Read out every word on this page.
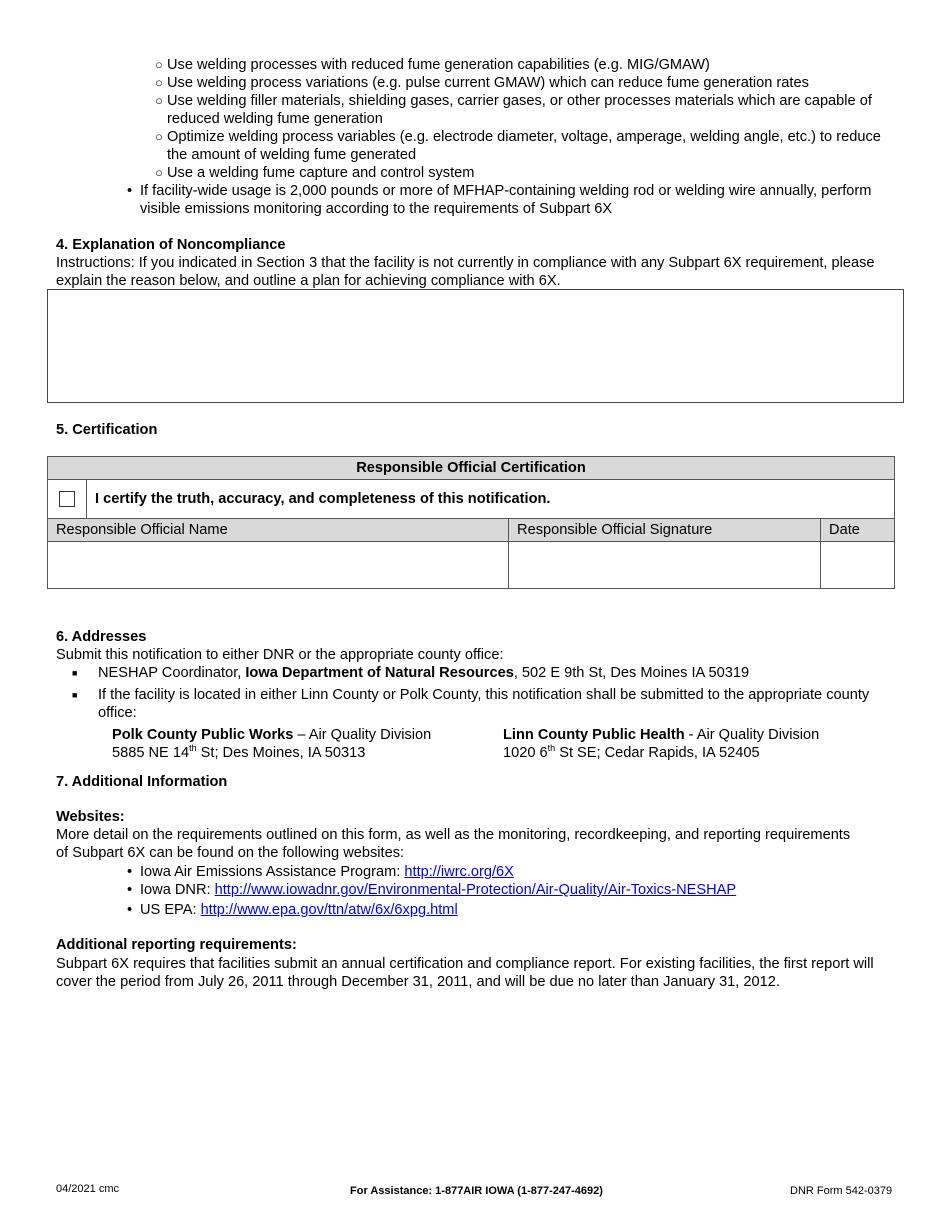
○ Use welding processes with reduced fume generation capabilities (e.g. MIG/GMAW)
○ Use welding process variations (e.g. pulse current GMAW) which can reduce fume generation rates
○ Use welding filler materials, shielding gases, carrier gases, or other processes materials which are capable of reduced welding fume generation
○ Optimize welding process variables (e.g. electrode diameter, voltage, amperage, welding angle, etc.) to reduce the amount of welding fume generated
○ Use a welding fume capture and control system
• If facility-wide usage is 2,000 pounds or more of MFHAP-containing welding rod or welding wire annually, perform visible emissions monitoring according to the requirements of Subpart 6X
4. Explanation of Noncompliance
Instructions: If you indicated in Section 3 that the facility is not currently in compliance with any Subpart 6X requirement, please explain the reason below, and outline a plan for achieving compliance with 6X.
5. Certification
Responsible Official Certification			
	I certify the truth, accuracy, and completeness of this notification.		
Responsible Official Name		Responsible Official Signature	Date

6. Addresses
Submit this notification to either DNR or the appropriate county office:
■ NESHAP Coordinator, Iowa Department of Natural Resources, 502 E 9th St, Des Moines IA 50319
■ If the facility is located in either Linn County or Polk County, this notification shall be submitted to the appropriate county office:
Polk County Public Works – Air Quality Division
5885 NE 14th St; Des Moines, IA 50313
Linn County Public Health - Air Quality Division
1020 6th St SE; Cedar Rapids, IA 52405
7. Additional Information
Websites:
More detail on the requirements outlined on this form, as well as the monitoring, recordkeeping, and reporting requirements of Subpart 6X can be found on the following websites:
• Iowa Air Emissions Assistance Program: http://iwrc.org/6X
• Iowa DNR: http://www.iowadnr.gov/Environmental-Protection/Air-Quality/Air-Toxics-NESHAP
• US EPA: http://www.epa.gov/ttn/atw/6x/6xpg.html
Additional reporting requirements:
Subpart 6X requires that facilities submit an annual certification and compliance report. For existing facilities, the first report will cover the period from July 26, 2011 through December 31, 2011, and will be due no later than January 31, 2012.
04/2021 cmc	For Assistance: 1-877AIR IOWA (1-877-247-4692)	DNR Form 542-0379
